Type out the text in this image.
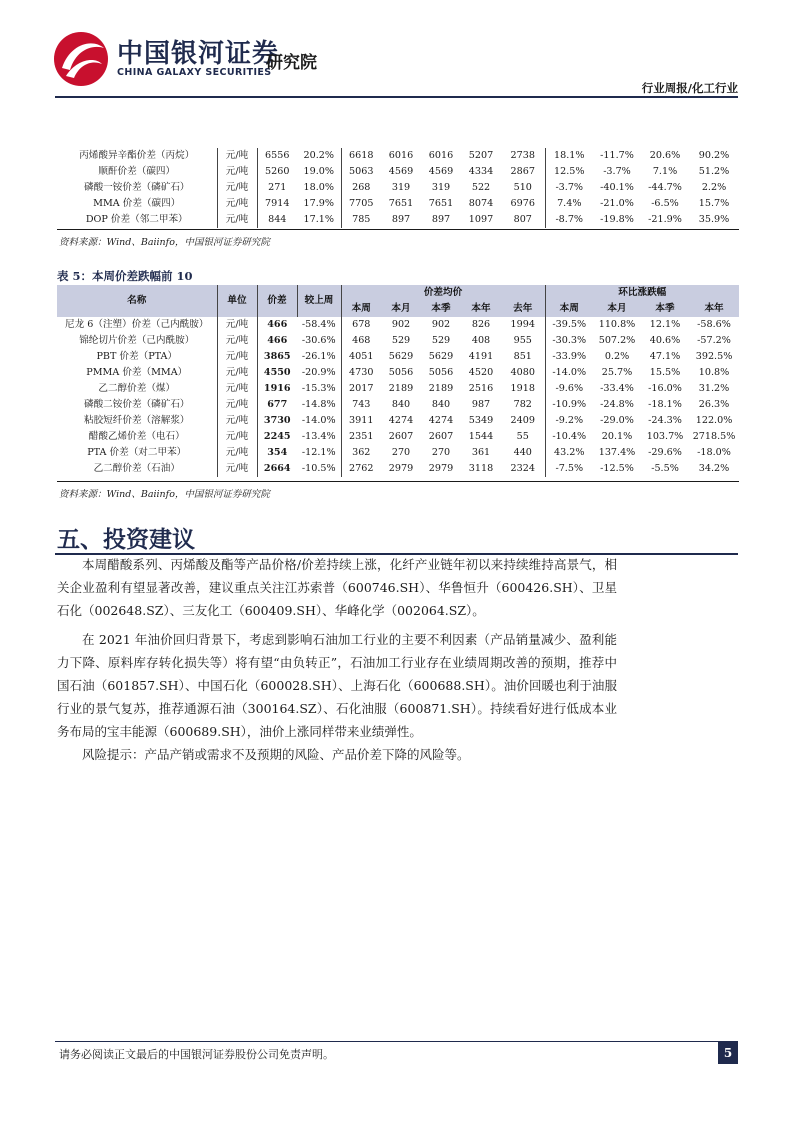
中国银河证券
CHINA GALAXY SECURITIES
研究院
行业周报/化工行业
丙烯酸异辛酯价差（丙烷）	元/吨	6556	20.2%	6618	6016	6016	5207	2738	18.1%	-11.7%	20.6%	90.2%
顺酐价差（碳四）	元/吨	5260	19.0%	5063	4569	4569	4334	2867	12.5%	-3.7%	7.1%	51.2%
磷酸一铵价差（磷矿石）	元/吨	271	18.0%	268	319	319	522	510	-3.7%	-40.1%	-44.7%	2.2%
MMA 价差（碳四）	元/吨	7914	17.9%	7705	7651	7651	8074	6976	7.4%	-21.0%	-6.5%	15.7%
DOP 价差（邻二甲苯）	元/吨	844	17.1%	785	897	897	1097	807	-8.7%	-19.8%	-21.9%	35.9%
资料来源：Wind、Baiinfo，中国银河证券研究院
表 5：本周价差跌幅前 10
名称	单位	价差	较上周	价差均价					环比涨跌幅			
				本周	本月	本季	本年	去年	本周	本月	本季	本年
尼龙 6（注塑）价差（己内酰胺）	元/吨	466	-58.4%	678	902	902	826	1994	-39.5%	110.8%	12.1%	-58.6%
锦纶切片价差（己内酰胺）	元/吨	466	-30.6%	468	529	529	408	955	-30.3%	507.2%	40.6%	-57.2%
PBT 价差（PTA）	元/吨	3865	-26.1%	4051	5629	5629	4191	851	-33.9%	0.2%	47.1%	392.5%
PMMA 价差（MMA）	元/吨	4550	-20.9%	4730	5056	5056	4520	4080	-14.0%	25.7%	15.5%	10.8%
乙二醇价差（煤）	元/吨	1916	-15.3%	2017	2189	2189	2516	1918	-9.6%	-33.4%	-16.0%	31.2%
磷酸二铵价差（磷矿石）	元/吨	677	-14.8%	743	840	840	987	782	-10.9%	-24.8%	-18.1%	26.3%
粘胶短纤价差（溶解浆）	元/吨	3730	-14.0%	3911	4274	4274	5349	2409	-9.2%	-29.0%	-24.3%	122.0%
醋酸乙烯价差（电石）	元/吨	2245	-13.4%	2351	2607	2607	1544	55	-10.4%	20.1%	103.7%	2718.5%
PTA 价差（对二甲苯）	元/吨	354	-12.1%	362	270	270	361	440	43.2%	137.4%	-29.6%	-18.0%
乙二醇价差（石油）	元/吨	2664	-10.5%	2762	2979	2979	3118	2324	-7.5%	-12.5%	-5.5%	34.2%
资料来源：Wind、Baiinfo，中国银河证券研究院
五、投资建议
本周醋酸系列、丙烯酸及酯等产品价格/价差持续上涨，化纤产业链年初以来持续维持高景气，相关企业盈利有望显著改善，建议重点关注江苏索普（600746.SH）、华鲁恒升（600426.SH）、卫星石化（002648.SZ）、三友化工（600409.SH）、华峰化学（002064.SZ）。
在 2021 年油价回归背景下，考虑到影响石油加工行业的主要不利因素（产品销量减少、盈利能力下降、原料库存转化损失等）将有望“由负转正”，石油加工行业存在业绩周期改善的预期，推荐中国石油（601857.SH）、中国石化（600028.SH）、上海石化（600688.SH）。油价回暖也利于油服行业的景气复苏，推荐通源石油（300164.SZ）、石化油服（600871.SH）。持续看好进行低成本业务布局的宝丰能源（600689.SH），油价上涨同样带来业绩弹性。
风险提示：产品产销或需求不及预期的风险、产品价差下降的风险等。
请务必阅读正文最后的中国银河证券股份公司免责声明。	5
